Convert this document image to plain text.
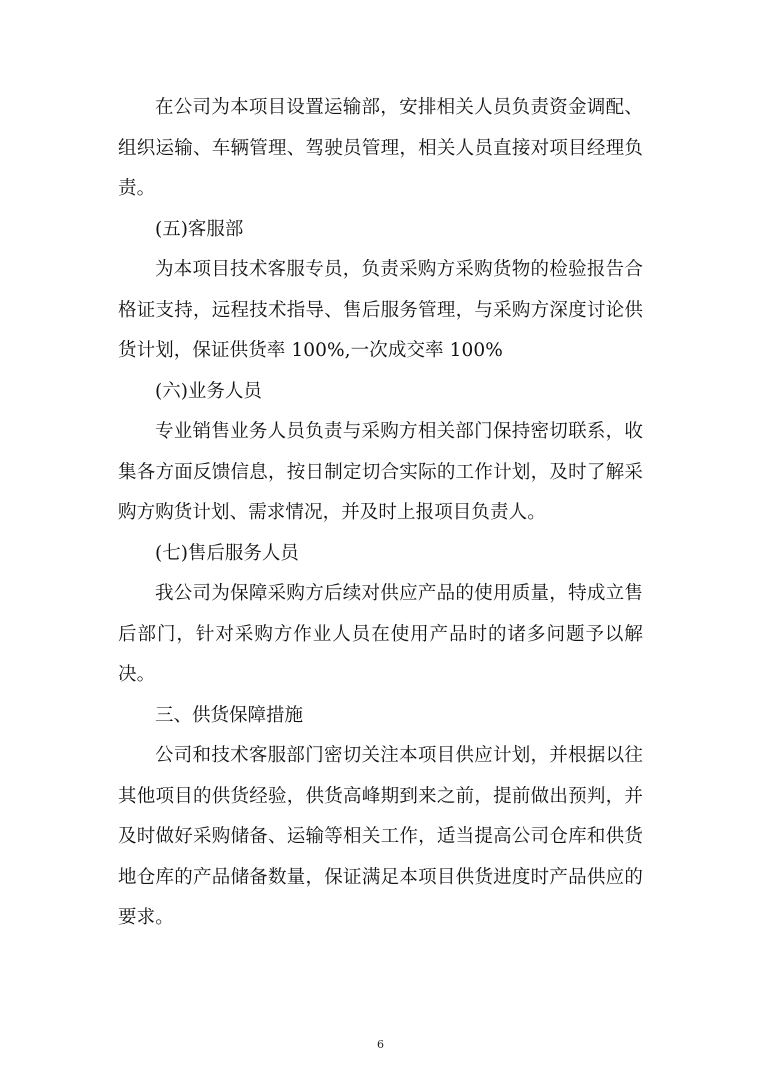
在公司为本项目设置运输部，安排相关人员负责资金调配、组织运输、车辆管理、驾驶员管理，相关人员直接对项目经理负责。

(五)客服部

为本项目技术客服专员，负责采购方采购货物的检验报告合格证支持，远程技术指导、售后服务管理，与采购方深度讨论供货计划，保证供货率 100%,一次成交率 100%

(六)业务人员

专业销售业务人员负责与采购方相关部门保持密切联系，收集各方面反馈信息，按日制定切合实际的工作计划，及时了解采购方购货计划、需求情况，并及时上报项目负责人。

(七)售后服务人员

我公司为保障采购方后续对供应产品的使用质量，特成立售后部门，针对采购方作业人员在使用产品时的诸多问题予以解决。

三、供货保障措施

公司和技术客服部门密切关注本项目供应计划，并根据以往其他项目的供货经验，供货高峰期到来之前，提前做出预判，并及时做好采购储备、运输等相关工作，适当提高公司仓库和供货地仓库的产品储备数量，保证满足本项目供货进度时产品供应的要求。

6
